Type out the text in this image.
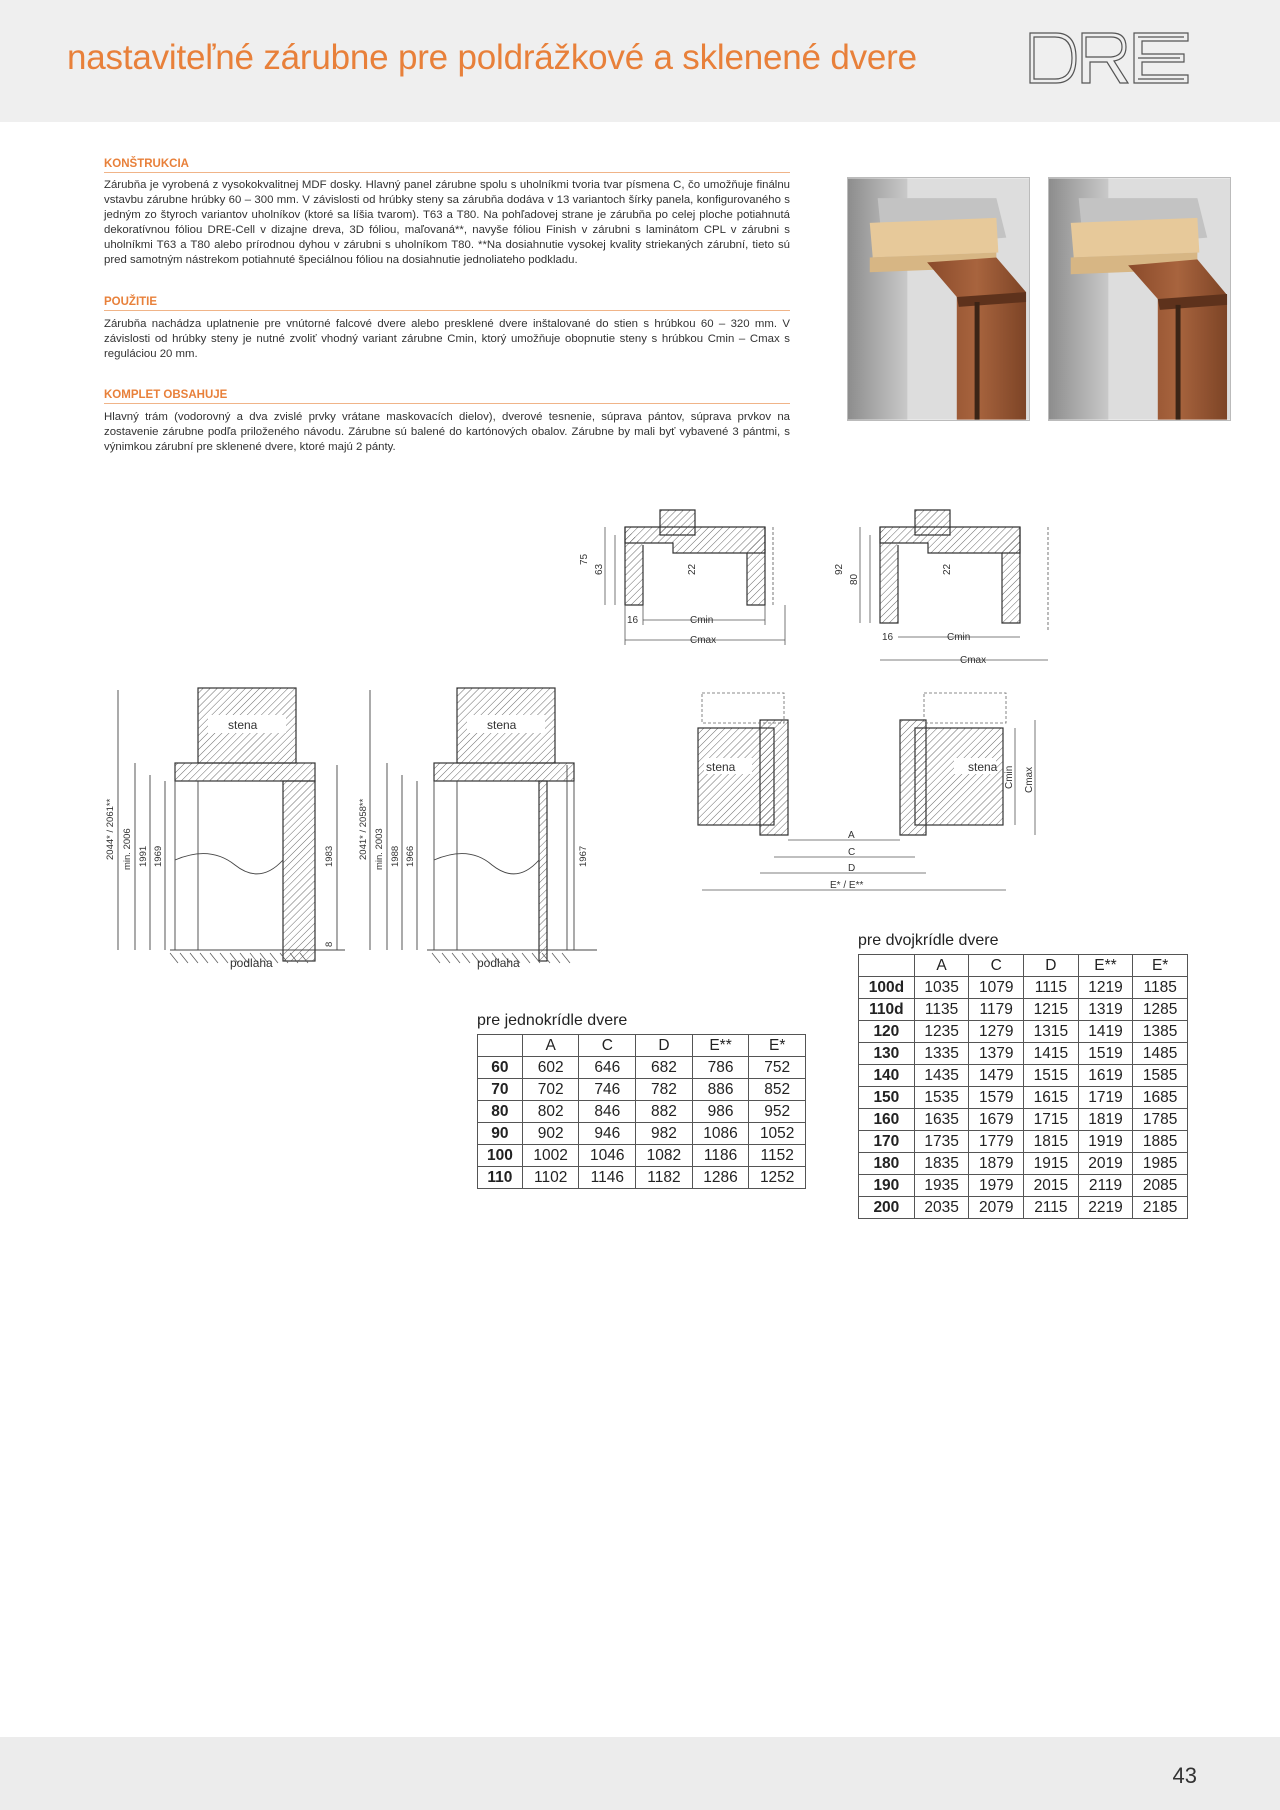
nastaviteľné zárubne pre poldrážkové a sklenené dvere
KONŠTRUKCIA
Zárubňa je vyrobená z vysokokvalitnej MDF dosky. Hlavný panel zárubne spolu s uholníkmi tvoria tvar písmena C, čo umožňuje finálnu vstavbu zárubne hrúbky 60 – 300 mm. V závislosti od hrúbky steny sa zárubňa dodáva v 13 variantoch šírky panela, konfigurovaného s jedným zo štyroch variantov uholníkov (ktoré sa líšia tvarom). T63 a T80. Na pohľadovej strane je zárubňa po celej ploche potiahnutá dekoratívnou fóliou DRE-Cell v dizajne dreva, 3D fóliou, maľovaná**, navyše fóliou Finish v zárubni s laminátom CPL v zárubni s uholníkmi T63 a T80 alebo prírodnou dyhou v zárubni s uholníkom T80. **Na dosiahnutie vysokej kvality striekaných zárubní, tieto sú pred samotným nástrekom potiahnuté špeciálnou fóliou na dosiahnutie jednoliateho podkladu.
POUŽITIE
Zárubňa nachádza uplatnenie pre vnútorné falcové dvere alebo presklené dvere inštalované do stien s hrúbkou 60 – 320 mm. V závislosti od hrúbky steny je nutné zvoliť vhodný variant zárubne Cmin, ktorý umožňuje obopnutie steny s hrúbkou Cmin – Cmax s reguláciou 20 mm.
KOMPLET OBSAHUJE
Hlavný trám (vodorovný a dva zvislé prvky vrátane maskovacích dielov), dverové tesnenie, súprava pántov, súprava prvkov na zostavenie zárubne podľa priloženého návodu. Zárubne sú balené do kartónových obalov. Zárubne by mali byť vybavené 3 pántmi, s výnimkou zárubní pre sklenené dvere, ktoré majú 2 pánty.
75
63	22
16	Cmin
Cmax
92
80
22
16	Cmin
Cmax
stena
podlaha
2044* / 2061** min. 2006 1991 1969	1983
8
stena
podlaha
2041* / 2058** min. 2003 1988 1966	1967
stena	stena
A
C
D
E* / E**
Cmin Cmax
pre jednokrídle dvere
	A	C	D	E**	E*
60	602	646	682	786	752
70	702	746	782	886	852
80	802	846	882	986	952
90	902	946	982	1086	1052
100	1002	1046	1082	1186	1152
110	1102	1146	1182	1286	1252
pre dvojkrídle dvere
	A	C	D	E**	E*
100d	1035	1079	1115	1219	1185
110d	1135	1179	1215	1319	1285
120	1235	1279	1315	1419	1385
130	1335	1379	1415	1519	1485
140	1435	1479	1515	1619	1585
150	1535	1579	1615	1719	1685
160	1635	1679	1715	1819	1785
170	1735	1779	1815	1919	1885
180	1835	1879	1915	2019	1985
190	1935	1979	2015	2119	2085
200	2035	2079	2115	2219	2185
43
